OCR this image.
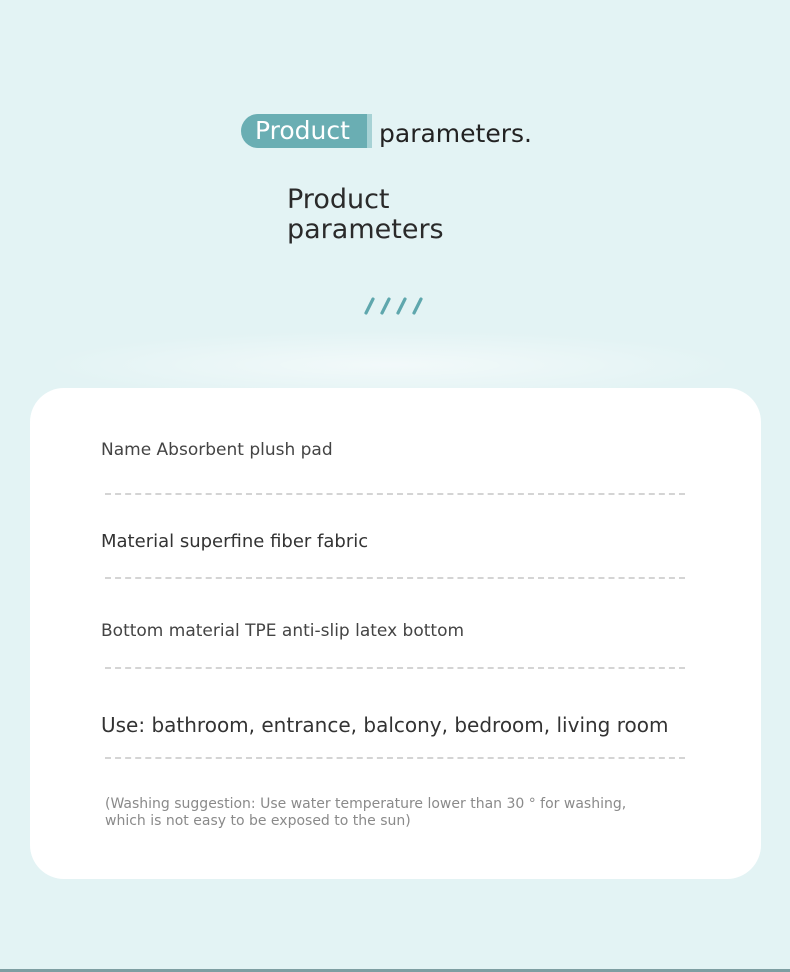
Product parameters.
Product
parameters
Name Absorbent plush pad
Material superfine fiber fabric
Bottom material TPE anti-slip latex bottom
Use: bathroom, entrance, balcony, bedroom, living room
(Washing suggestion: Use water temperature lower than 30 ° for washing,
which is not easy to be exposed to the sun)
